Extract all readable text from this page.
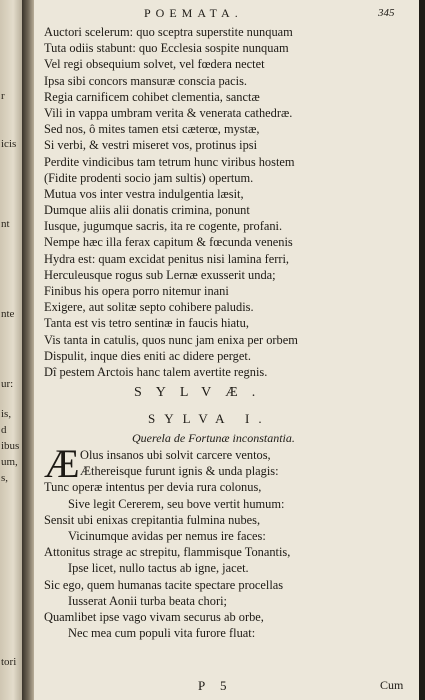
r
icis
nt
nte
ur:
is,
d
ibus
um,
s,
tori
POEMATA.	345
Auctori scelerum: quo sceptra superstite nunquam
Tuta odiis stabunt: quo Ecclesia sospite nunquam
Vel regi obsequium solvet, vel fœdera nectet
Ipsa sibi concors mansuræ conscia pacis.
Regia carnificem cohibet clementia, sanctæ
Vili in vappa umbram verita & venerata cathedræ.
Sed nos, ô mites tamen etsi cæterœ, mystæ,
Si verbi, & vestri miseret vos, protinus ipsi
Perdite vindicibus tam tetrum hunc viribus hostem
(Fidite prodenti socio jam sultis) opertum.
Mutua vos inter vestra indulgentia læsit,
Dumque aliis alii donatis crimina, ponunt
Iusque, jugumque sacris, ita re cogente, profani.
Nempe hæc illa ferax capitum & fœcunda venenis
Hydra est: quam excidat penitus nisi lamina ferri,
Herculeusque rogus sub Lernæ exusserit unda;
Finibus his opera porro nitemur inani
Exigere, aut solitæ septo cohibere paludis.
Tanta est vis tetro sentinæ in faucis hiatu,
Vis tanta in catulis, quos nunc jam enixa per orbem
Dispulit, inque dies eniti ac didere perget.
Dî pestem Arctois hanc talem avertite regnis.
SYLVÆ.
SYLVA I.
Querela de Fortunæ inconstantia.
Æ Olus insanos ubi solvit carcere ventos,
Æthereisque furunt ignis & unda plagis:
Tunc operæ intentus per devia rura colonus,
Sive legit Cererem, seu bove vertit humum:
Sensit ubi enixas crepitantia fulmina nubes,
Vicinumque avidas per nemus ire faces:
Attonitus strage ac strepitu, flammisque Tonantis,
Ipse licet, nullo tactus ab igne, jacet.
Sic ego, quem humanas tacite spectare procellas
Iusserat Aonii turba beata chori;
Quamlibet ipse vago vivam securus ab orbe,
Nec mea cum populi vita furore fluat:
P 5	Cum
